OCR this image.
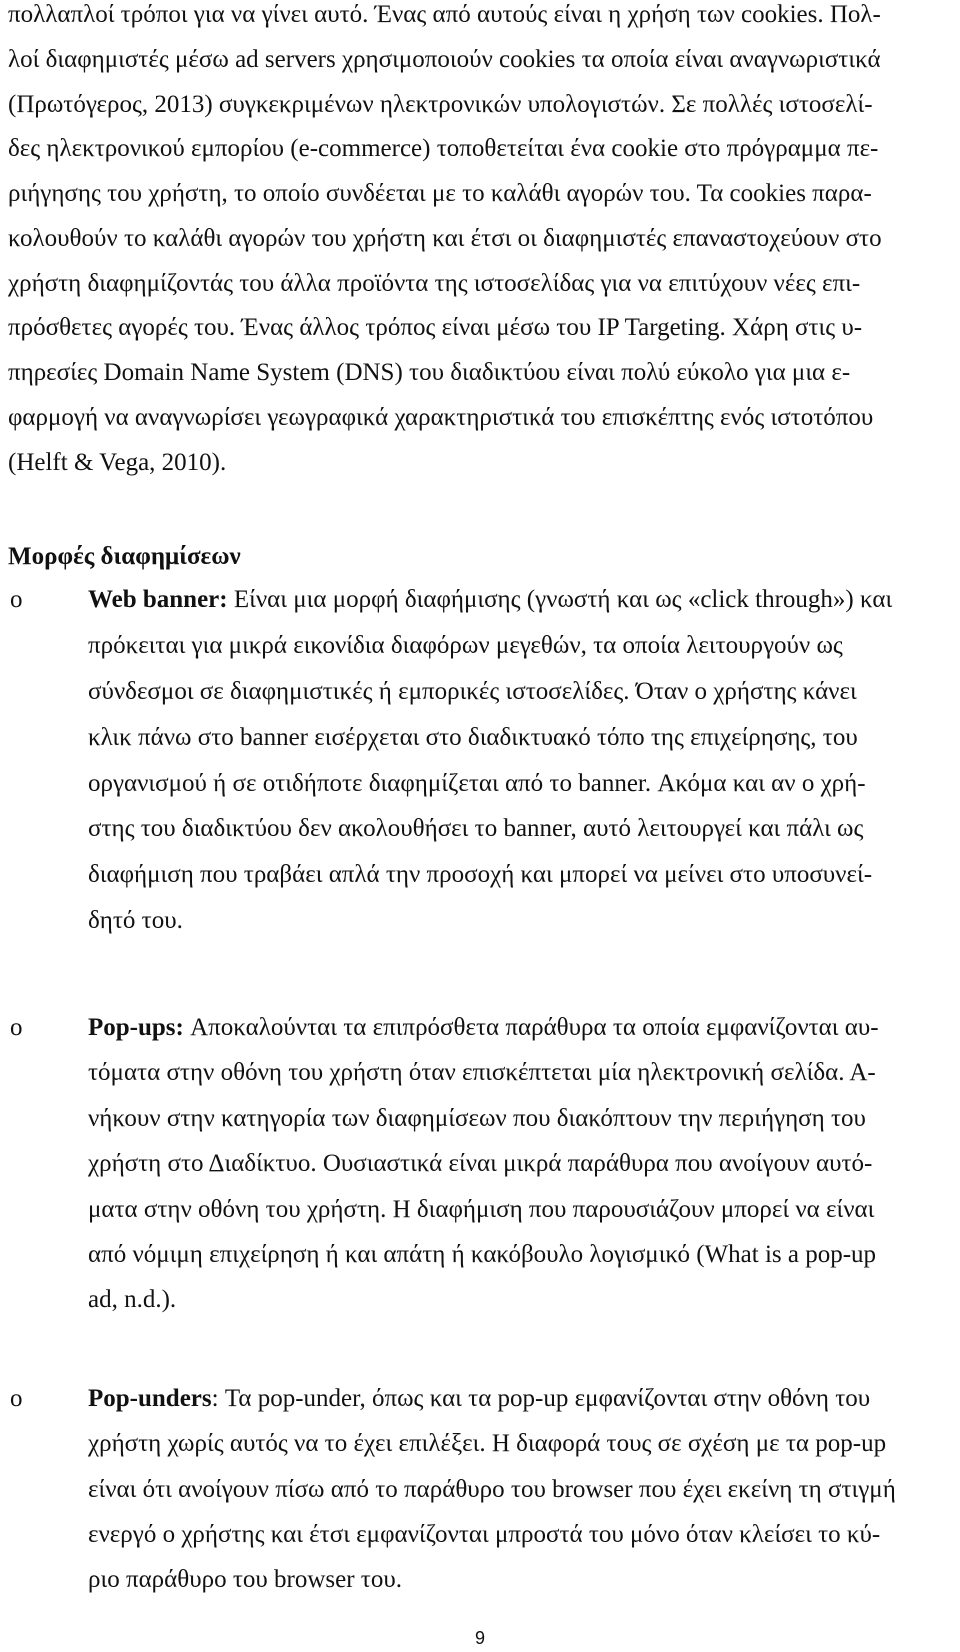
πολλαπλοί τρόποι για να γίνει αυτό. Ένας από αυτούς είναι η χρήση των cookies. Πολ-
λοί διαφημιστές μέσω ad servers χρησιμοποιούν cookies τα οποία είναι αναγνωριστικά
(Πρωτόγερος, 2013) συγκεκριμένων ηλεκτρονικών υπολογιστών. Σε πολλές ιστοσελί-
δες ηλεκτρονικού εμπορίου (e-commerce) τοποθετείται ένα cookie στο πρόγραμμα πε-
ριήγησης του χρήστη, το οποίο συνδέεται με το καλάθι αγορών του. Τα cookies παρα-
κολουθούν το καλάθι αγορών του χρήστη και έτσι οι διαφημιστές επαναστοχεύουν στο
χρήστη διαφημίζοντάς του άλλα προϊόντα της ιστοσελίδας για να επιτύχουν νέες επι-
πρόσθετες αγορές του. Ένας άλλος τρόπος είναι μέσω του IP Targeting. Χάρη στις υ-
πηρεσίες Domain Name System (DNS) του διαδικτύου είναι πολύ εύκολο για μια ε-
φαρμογή να αναγνωρίσει γεωγραφικά χαρακτηριστικά του επισκέπτης ενός ιστοτόπου
(Helft & Vega, 2010).
Μορφές διαφημίσεων
o	Web banner: Είναι μια μορφή διαφήμισης (γνωστή και ως «click through») και
πρόκειται για μικρά εικονίδια διαφόρων μεγεθών, τα οποία λειτουργούν ως
σύνδεσμοι σε διαφημιστικές ή εμπορικές ιστοσελίδες. Όταν ο χρήστης κάνει
κλικ πάνω στο banner εισέρχεται στο διαδικτυακό τόπο της επιχείρησης, του
οργανισμού ή σε οτιδήποτε διαφημίζεται από το banner. Ακόμα και αν ο χρή-
στης του διαδικτύου δεν ακολουθήσει το banner, αυτό λειτουργεί και πάλι ως
διαφήμιση που τραβάει απλά την προσοχή και μπορεί να μείνει στο υποσυνεί-
δητό του.
o	Pop-ups: Αποκαλούνται τα επιπρόσθετα παράθυρα τα οποία εμφανίζονται αυ-
τόματα στην οθόνη του χρήστη όταν επισκέπτεται μία ηλεκτρονική σελίδα. Α-
νήκουν στην κατηγορία των διαφημίσεων που διακόπτουν την περιήγηση του
χρήστη στο Διαδίκτυο. Ουσιαστικά είναι μικρά παράθυρα που ανοίγουν αυτό-
ματα στην οθόνη του χρήστη. Η διαφήμιση που παρουσιάζουν μπορεί να είναι
από νόμιμη επιχείρηση ή και απάτη ή κακόβουλο λογισμικό (What is a pop-up
ad, n.d.).
o	Pop-unders: Τα pop-under, όπως και τα pop-up εμφανίζονται στην οθόνη του
χρήστη χωρίς αυτός να το έχει επιλέξει. Η διαφορά τους σε σχέση με τα pop-up
είναι ότι ανοίγουν πίσω από το παράθυρο του browser που έχει εκείνη τη στιγμή
ενεργό ο χρήστης και έτσι εμφανίζονται μπροστά του μόνο όταν κλείσει το κύ-
ριο παράθυρο του browser του.
9
